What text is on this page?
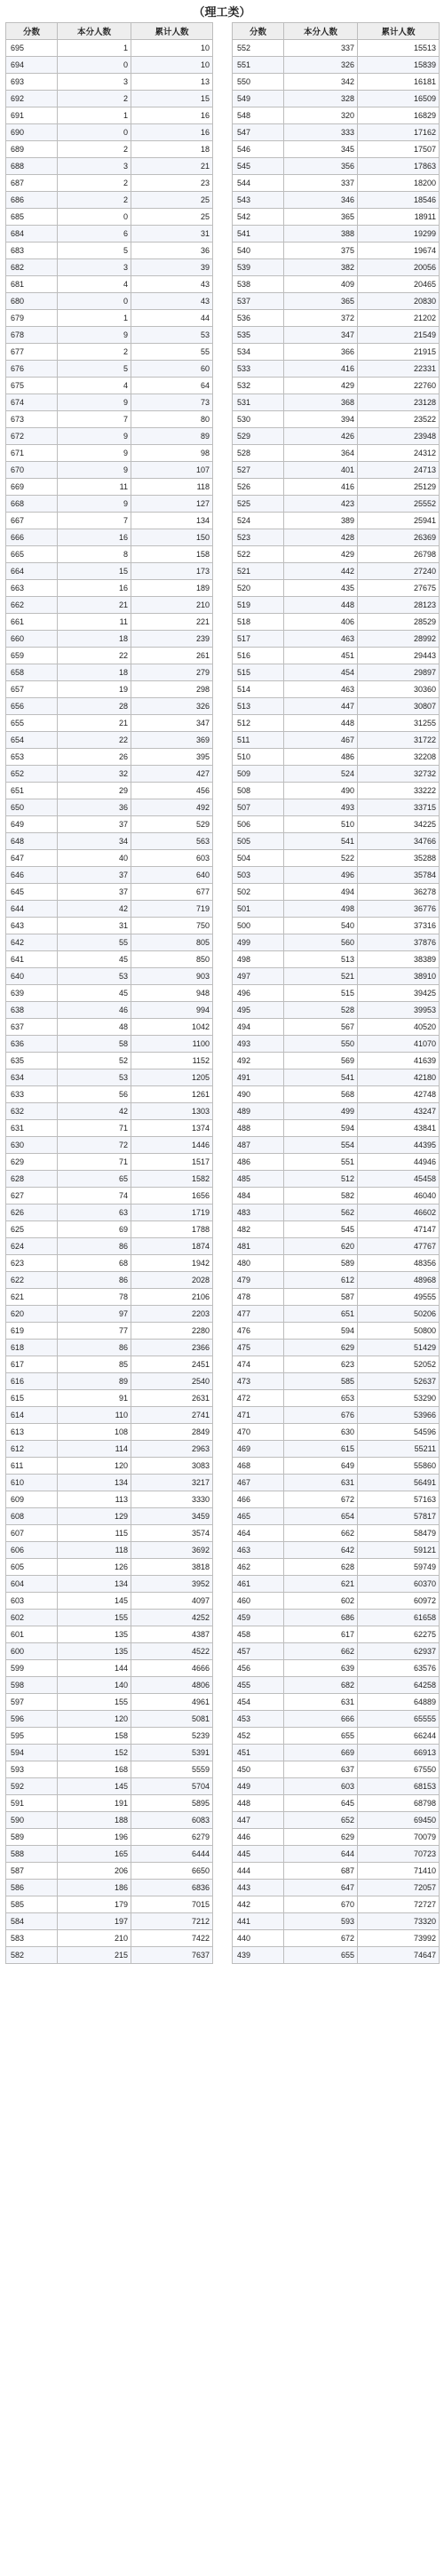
（理工类）
分数	本分人数	累计人数
695	1	10
694	0	10
693	3	13
692	2	15
691	1	16
690	0	16
689	2	18
688	3	21
687	2	23
686	2	25
685	0	25
684	6	31
683	5	36
682	3	39
681	4	43
680	0	43
679	1	44
678	9	53
677	2	55
676	5	60
675	4	64
674	9	73
673	7	80
672	9	89
671	9	98
670	9	107
669	11	118
668	9	127
667	7	134
666	16	150
665	8	158
664	15	173
663	16	189
662	21	210
661	11	221
660	18	239
659	22	261
658	18	279
657	19	298
656	28	326
655	21	347
654	22	369
653	26	395
652	32	427
651	29	456
650	36	492
649	37	529
648	34	563
647	40	603
646	37	640
645	37	677
644	42	719
643	31	750
642	55	805
641	45	850
640	53	903
639	45	948
638	46	994
637	48	1042
636	58	1100
635	52	1152
634	53	1205
633	56	1261
632	42	1303
631	71	1374
630	72	1446
629	71	1517
628	65	1582
627	74	1656
626	63	1719
625	69	1788
624	86	1874
623	68	1942
622	86	2028
621	78	2106
620	97	2203
619	77	2280
618	86	2366
617	85	2451
616	89	2540
615	91	2631
614	110	2741
613	108	2849
612	114	2963
611	120	3083
610	134	3217
609	113	3330
608	129	3459
607	115	3574
606	118	3692
605	126	3818
604	134	3952
603	145	4097
602	155	4252
601	135	4387
600	135	4522
599	144	4666
598	140	4806
597	155	4961
596	120	5081
595	158	5239
594	152	5391
593	168	5559
592	145	5704
591	191	5895
590	188	6083
589	196	6279
588	165	6444
587	206	6650
586	186	6836
585	179	7015
584	197	7212
583	210	7422
582	215	7637
分数	本分人数	累计人数
552	337	15513
551	326	15839
550	342	16181
549	328	16509
548	320	16829
547	333	17162
546	345	17507
545	356	17863
544	337	18200
543	346	18546
542	365	18911
541	388	19299
540	375	19674
539	382	20056
538	409	20465
537	365	20830
536	372	21202
535	347	21549
534	366	21915
533	416	22331
532	429	22760
531	368	23128
530	394	23522
529	426	23948
528	364	24312
527	401	24713
526	416	25129
525	423	25552
524	389	25941
523	428	26369
522	429	26798
521	442	27240
520	435	27675
519	448	28123
518	406	28529
517	463	28992
516	451	29443
515	454	29897
514	463	30360
513	447	30807
512	448	31255
511	467	31722
510	486	32208
509	524	32732
508	490	33222
507	493	33715
506	510	34225
505	541	34766
504	522	35288
503	496	35784
502	494	36278
501	498	36776
500	540	37316
499	560	37876
498	513	38389
497	521	38910
496	515	39425
495	528	39953
494	567	40520
493	550	41070
492	569	41639
491	541	42180
490	568	42748
489	499	43247
488	594	43841
487	554	44395
486	551	44946
485	512	45458
484	582	46040
483	562	46602
482	545	47147
481	620	47767
480	589	48356
479	612	48968
478	587	49555
477	651	50206
476	594	50800
475	629	51429
474	623	52052
473	585	52637
472	653	53290
471	676	53966
470	630	54596
469	615	55211
468	649	55860
467	631	56491
466	672	57163
465	654	57817
464	662	58479
463	642	59121
462	628	59749
461	621	60370
460	602	60972
459	686	61658
458	617	62275
457	662	62937
456	639	63576
455	682	64258
454	631	64889
453	666	65555
452	655	66244
451	669	66913
450	637	67550
449	603	68153
448	645	68798
447	652	69450
446	629	70079
445	644	70723
444	687	71410
443	647	72057
442	670	72727
441	593	73320
440	672	73992
439	655	74647
